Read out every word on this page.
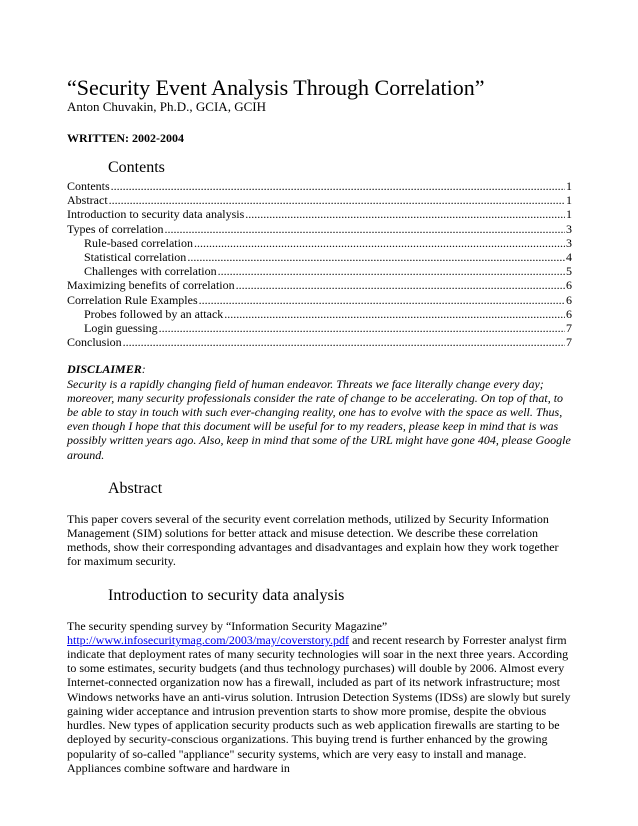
“Security Event Analysis Through Correlation”

Anton Chuvakin, Ph.D., GCIA, GCIH

WRITTEN: 2002-2004

Contents
Contents .....	1
Abstract .....	1
Introduction to security data analysis .....	1
Types of correlation .....	3
Rule-based correlation .....	3
Statistical correlation .....	4
Challenges with correlation .....	5
Maximizing benefits of correlation .....	6
Correlation Rule Examples .....	6
Probes followed by an attack .....	6
Login guessing .....	7
Conclusion .....	7
DISCLAIMER:
Security is a rapidly changing field of human endeavor. Threats we face literally change every day; moreover, many security professionals consider the rate of change to be accelerating. On top of that, to be able to stay in touch with such ever-changing reality, one has to evolve with the space as well. Thus, even though I hope that this document will be useful for to my readers, please keep in mind that is was possibly written years ago. Also, keep in mind that some of the URL might have gone 404, please Google around.
Abstract

This paper covers several of the security event correlation methods, utilized by Security Information Management (SIM) solutions for better attack and misuse detection. We describe these correlation methods, show their corresponding advantages and disadvantages and explain how they work together for maximum security.

Introduction to security data analysis

The security spending survey by “Information Security Magazine”
http://www.infosecuritymag.com/2003/may/coverstory.pdf and recent research by Forrester analyst firm indicate that deployment rates of many security technologies will soar in the next three years. According to some estimates, security budgets (and thus technology purchases) will double by 2006. Almost every Internet-connected organization now has a firewall, included as part of its network infrastructure; most Windows networks have an anti-virus solution. Intrusion Detection Systems (IDSs) are slowly but surely gaining wider acceptance and intrusion prevention starts to show more promise, despite the obvious hurdles. New types of application security products such as web application firewalls are starting to be deployed by security-conscious organizations. This buying trend is further enhanced by the growing popularity of so-called "appliance" security systems, which are very easy to install and manage. Appliances combine software and hardware in
